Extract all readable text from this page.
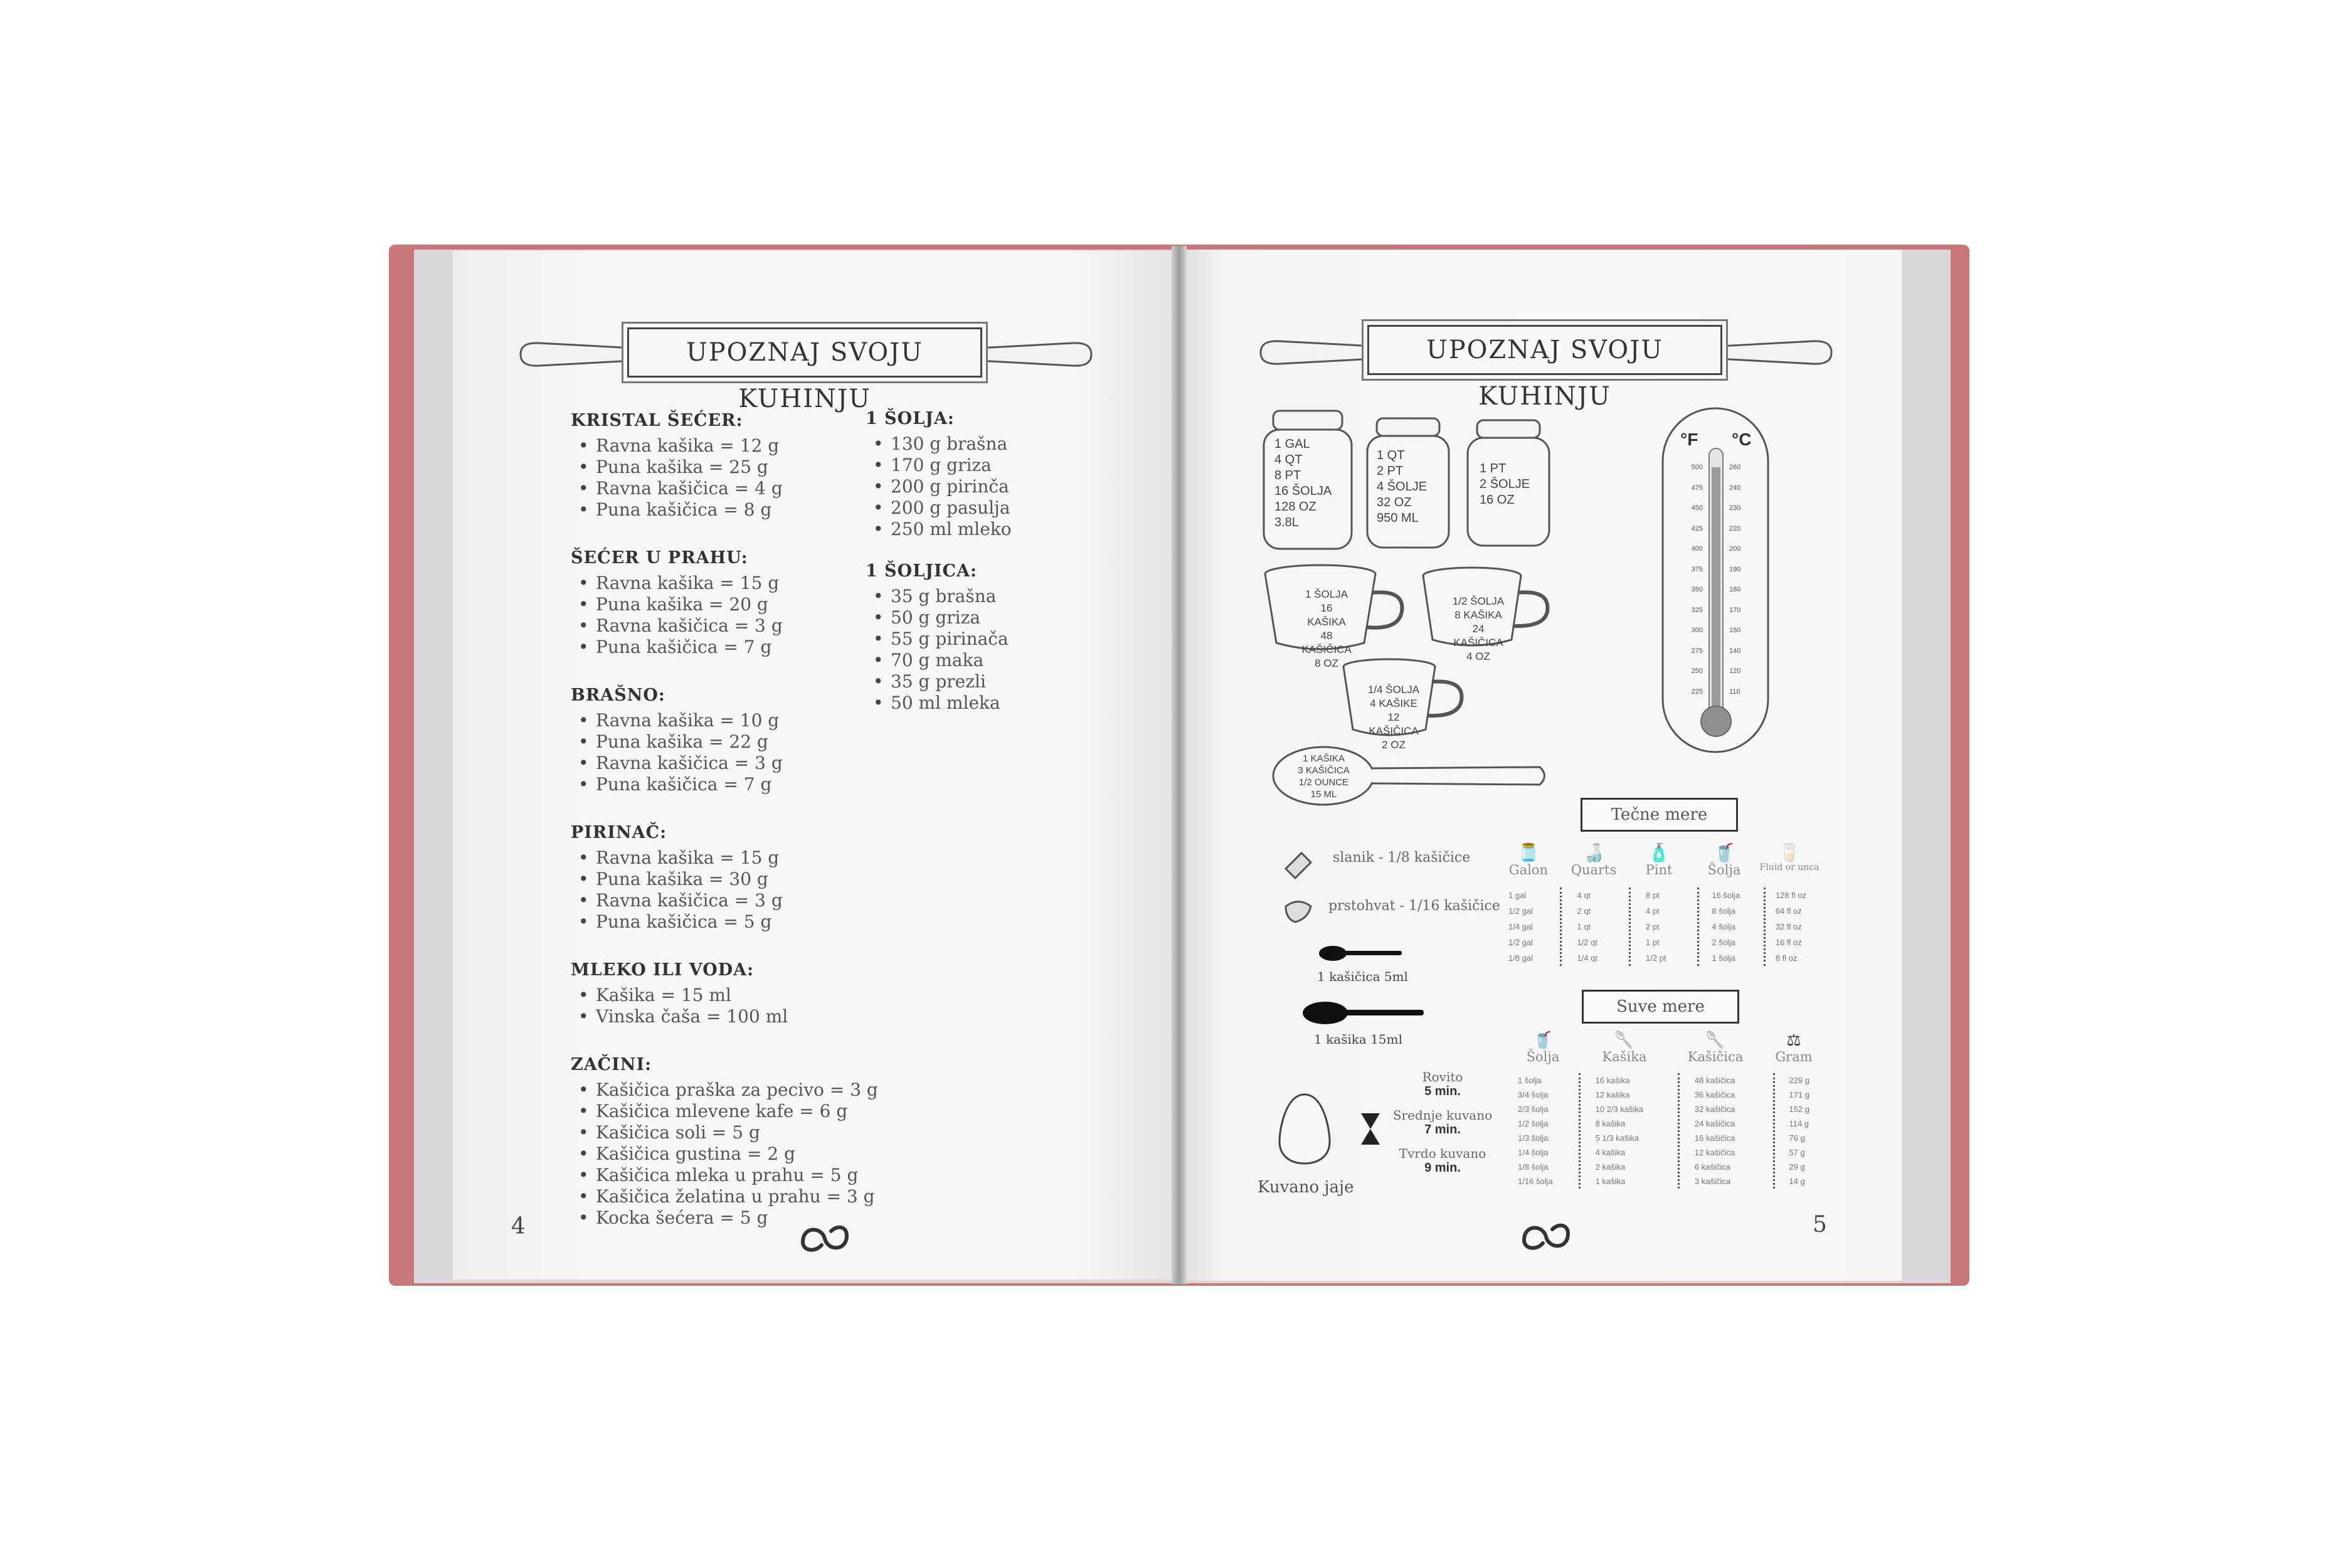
UPOZNAJ SVOJU KUHINJU
KRISTAL ŠEĆER:
• Ravna kašika = 12 g
• Puna kašika = 25 g
• Ravna kašičica = 4 g
• Puna kašičica = 8 g
ŠEĆER U PRAHU:
• Ravna kašika = 15 g
• Puna kašika = 20 g
• Ravna kašičica = 3 g
• Puna kašičica = 7 g
BRAŠNO:
• Ravna kašika = 10 g
• Puna kašika = 22 g
• Ravna kašičica = 3 g
• Puna kašičica = 7 g
PIRINAČ:
• Ravna kašika = 15 g
• Puna kašika = 30 g
• Ravna kašičica = 3 g
• Puna kašičica = 5 g
MLEKO ILI VODA:
• Kašika = 15 ml
• Vinska čaša = 100 ml
ZAČINI:
• Kašičica praška za pecivo = 3 g
• Kašičica mlevene kafe = 6 g
• Kašičica soli = 5 g
• Kašičica gustina = 2 g
• Kašičica mleka u prahu = 5 g
• Kašičica želatina u prahu = 3 g
• Kocka šećera = 5 g
1 ŠOLJA:
• 130 g brašna
• 170 g griza
• 200 g pirinča
• 200 g pasulja
• 250 ml mleko
1 ŠOLJICA:
• 35 g brašna
• 50 g griza
• 55 g pirinača
• 70 g maka
• 35 g prezli
• 50 ml mleka
4
UPOZNAJ SVOJU KUHINJU
1 GAL
4 QT
8 PT
16 ŠOLJA
128 OZ
3.8L
1 QT
2 PT
4 ŠOLJE
32 OZ
950 ML
1 PT
2 ŠOLJE
16 OZ
°F °C
500
475
450
425
400
375
350
325
300
275
250
225
260
240
230
220
200
190
180
170
150
140
120
110
1 ŠOLJA
16 KAŠIKA
48 KAŠIČICA
8 OZ
1/2 ŠOLJA
8 KAŠIKA
24 KAŠIČICA
4 OZ
1/4 ŠOLJA
4 KAŠIKE
12 KAŠIČICA
2 OZ
1 KAŠIKA
3 KAŠIČICA
1/2 OUNCE
15 ML
slanik - 1/8 kašičice
prstohvat - 1/16 kašičice
1 kašičica 5ml
1 kašika 15ml
Kuvano jaje
Rovito
5 min.
Srednje kuvano
7 min.
Tvrdo kuvano
9 min.
Tečne mere
🫙
Galon
🍶
Quarts
🧴
Pint
🥤
Šolja
🥛
Fluid or unca
1 gal
1/2 gal
1/4 gal
1/2 gal
1/8 gal
4 qt
2 qt
1 qt
1/2 qt
1/4 qt
8 pt
4 pt
2 pt
1 pt
1/2 pt
16 šolja
8 šolja
4 šolja
2 šolja
1 šolja
128 fl oz
64 fl oz
32 fl oz
16 fl oz
8 fl oz
Suve mere
🥤
Šolja
🥄
Kašika
🥄
Kašičica
⚖
Gram
1 šolja
3/4 šolja
2/3 šolja
1/2 šolja
1/3 šolja
1/4 šolja
1/8 šolja
1/16 šolja
16 kašika
12 kašika
10 2/3 kašika
8 kašika
5 1/3 kašika
4 kašika
2 kašika
1 kašika
48 kašičica
36 kašičica
32 kašičica
24 kašičica
16 kašičica
12 kašičica
6 kašičica
3 kašičica
229 g
171 g
152 g
114 g
76 g
57 g
29 g
14 g
5
